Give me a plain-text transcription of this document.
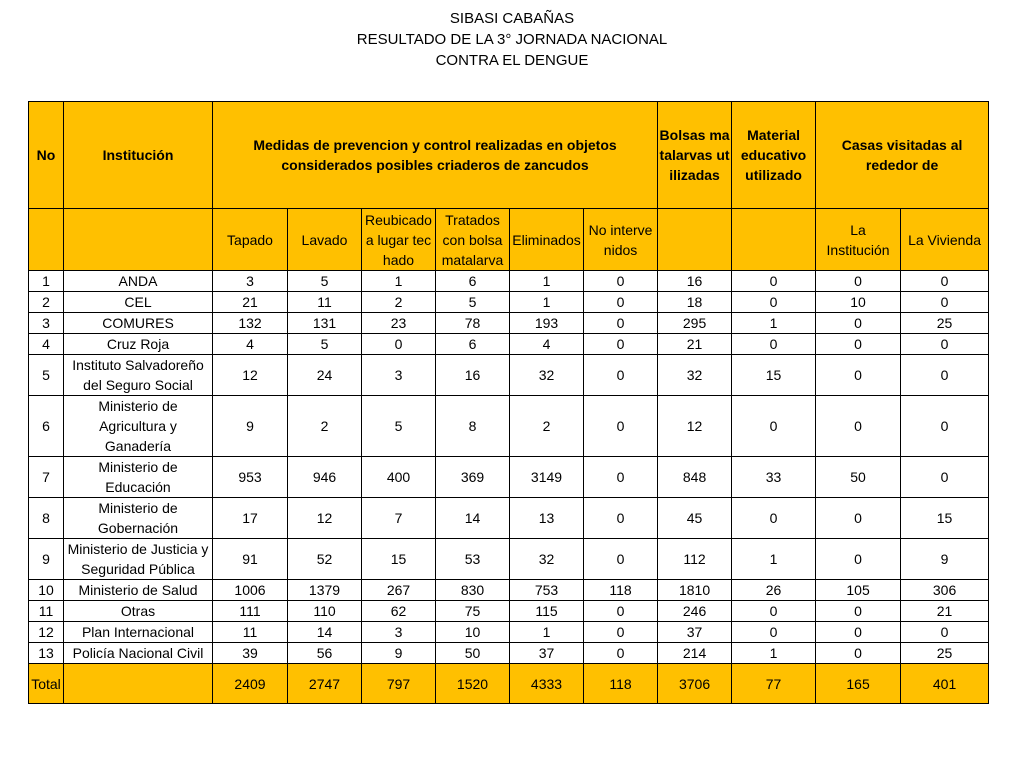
SIBASI CABAÑAS
RESULTADO DE LA 3° JORNADA NACIONAL
CONTRA EL DENGUE
No	Institución	Medidas de prevencion y control realizadas en objetos considerados posibles criaderos de zancudos						Bolsas matalarvas utilizadas	Material educativo utilizado	Casas visitadas al rededor de	
		Tapado	Lavado	Reubicado a lugar techado	Tratados con bolsa matalarva	Eliminados	No intervenidos			La Institución	La Vivienda
1	ANDA	3	5	1	6	1	0	16	0	0	0
2	CEL	21	11	2	5	1	0	18	0	10	0
3	COMURES	132	131	23	78	193	0	295	1	0	25
4	Cruz Roja	4	5	0	6	4	0	21	0	0	0
5	Instituto Salvadoreño del Seguro Social	12	24	3	16	32	0	32	15	0	0
6	Ministerio de Agricultura y Ganadería	9	2	5	8	2	0	12	0	0	0
7	Ministerio de Educación	953	946	400	369	3149	0	848	33	50	0
8	Ministerio de Gobernación	17	12	7	14	13	0	45	0	0	15
9	Ministerio de Justicia y Seguridad Pública	91	52	15	53	32	0	112	1	0	9
10	Ministerio de Salud	1006	1379	267	830	753	118	1810	26	105	306
11	Otras	111	110	62	75	115	0	246	0	0	21
12	Plan Internacional	11	14	3	10	1	0	37	0	0	0
13	Policía Nacional Civil	39	56	9	50	37	0	214	1	0	25
Total		2409	2747	797	1520	4333	118	3706	77	165	401
